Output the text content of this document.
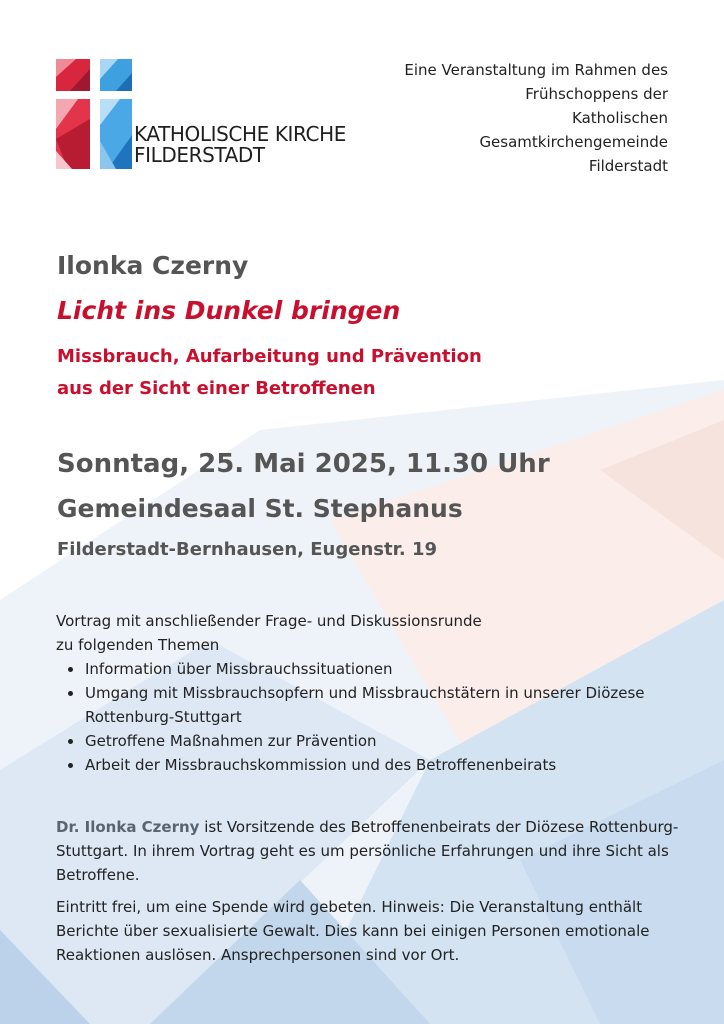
KATHOLISCHE KIRCHE
FILDERSTADT
Eine Veranstaltung im Rahmen des
Frühschoppens der
Katholischen
Gesamtkirchengemeinde
Filderstadt
Ilonka Czerny
Licht ins Dunkel bringen
Missbrauch, Aufarbeitung und Prävention
aus der Sicht einer Betroffenen
Sonntag, 25. Mai 2025, 11.30 Uhr
Gemeindesaal St. Stephanus
Filderstadt-Bernhausen, Eugenstr. 19
Vortrag mit anschließender Frage- und Diskussionsrunde
zu folgenden Themen
Information über Missbrauchssituationen
Umgang mit Missbrauchsopfern und Missbrauchstätern in unserer Diözese Rottenburg-Stuttgart
Getroffene Maßnahmen zur Prävention
Arbeit der Missbrauchskommission und des Betroffenenbeirats

Dr. Ilonka Czerny ist Vorsitzende des Betroffenenbeirats der Diözese Rottenburg-Stuttgart. In ihrem Vortrag geht es um persönliche Erfahrungen und ihre Sicht als Betroffene.

Eintritt frei, um eine Spende wird gebeten. Hinweis: Die Veranstaltung enthält Berichte über sexualisierte Gewalt. Dies kann bei einigen Personen emotionale Reaktionen auslösen. Ansprechpersonen sind vor Ort.
